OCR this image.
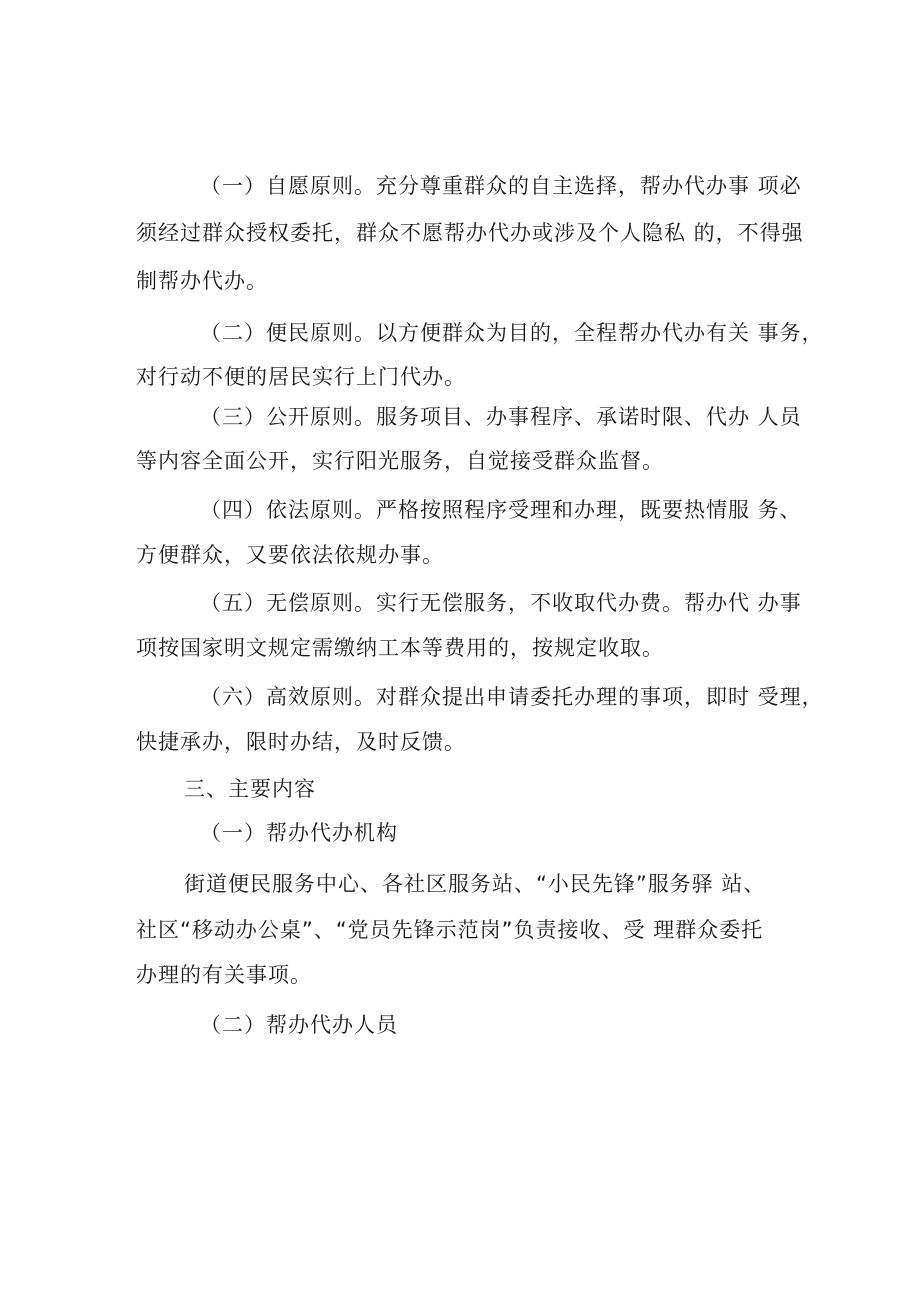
（一）自愿原则。充分尊重群众的自主选择，帮办代办事 项必
须经过群众授权委托，群众不愿帮办代办或涉及个人隐私 的，不得强
制帮办代办。
（二）便民原则。以方便群众为目的，全程帮办代办有关 事务，
对行动不便的居民实行上门代办。
（三）公开原则。服务项目、办事程序、承诺时限、代办 人员
等内容全面公开，实行阳光服务，自觉接受群众监督。
（四）依法原则。严格按照程序受理和办理，既要热情服 务、
方便群众，又要依法依规办事。
（五）无偿原则。实行无偿服务，不收取代办费。帮办代 办事
项按国家明文规定需缴纳工本等费用的，按规定收取。
（六）高效原则。对群众提出申请委托办理的事项，即时 受理，
快捷承办，限时办结，及时反馈。
三、主要内容
（一）帮办代办机构
街道便民服务中心、各社区服务站、“小民先锋”服务驿 站、
社区“移动办公桌”、“党员先锋示范岗”负责接收、受 理群众委托
办理的有关事项。
（二）帮办代办人员
